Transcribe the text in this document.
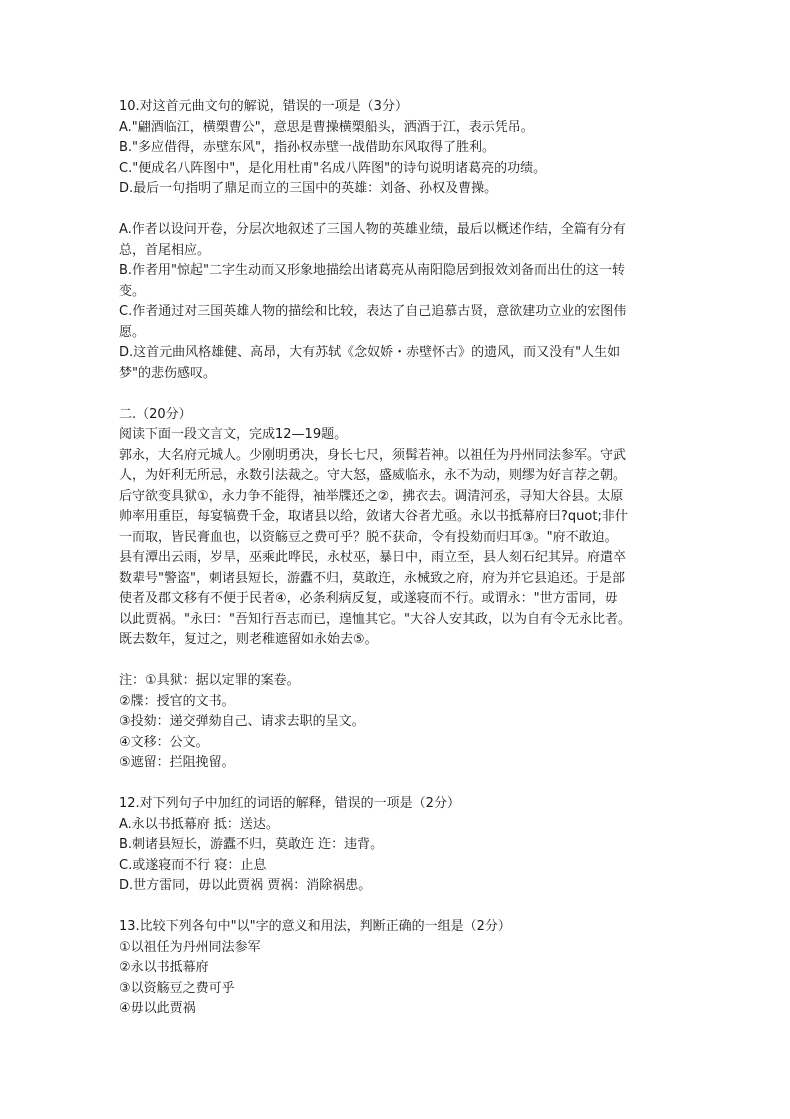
10.对这首元曲文句的解说，错误的一项是（3分）
A."翩酒临江，横槊曹公"，意思是曹操横槊船头，洒酒于江，表示凭吊。
B."多应借得，赤壁东风"，指孙权赤壁一战借助东风取得了胜利。
C."便成名八阵图中"，是化用杜甫"名成八阵图"的诗句说明诸葛亮的功绩。
D.最后一句指明了鼎足而立的三国中的英雄：刘备、孙权及曹操。
A.作者以设问开卷，分层次地叙述了三国人物的英雄业绩，最后以概述作结，全篇有分有
总，首尾相应。
B.作者用"惊起"二字生动而又形象地描绘出诸葛亮从南阳隐居到报效刘备而出仕的这一转
变。
C.作者通过对三国英雄人物的描绘和比较，表达了自己追慕古贤，意欲建功立业的宏图伟
愿。
D.这首元曲风格雄健、高昂，大有苏轼《念奴娇・赤壁怀古》的遗风，而又没有"人生如
梦"的悲伤感叹。
二.（20分）
阅读下面一段文言文，完成12—19题。
郭永，大名府元城人。少刚明勇决，身长七尺，须髯若神。以祖任为丹州同法参军。守武
人，为奸利无所忌，永数引法裁之。守大怒，盛威临永，永不为动，则缪为好言荐之朝。
后守欲变具狱①，永力争不能得，袖举牒还之②，拂衣去。调清河丞，寻知大谷县。太原
帅率用重臣，每宴犒费千金，取诸县以给，敛诸大谷者尤亟。永以书抵幕府曰?quot;非什
一而取，皆民膏血也，以资觞豆之费可乎？脱不获命，令有投劾而归耳③。"府不敢迫。
县有潭出云雨，岁旱，巫乘此哗民，永杖巫，暴日中，雨立至，县人刻石纪其异。府遣卒
数辈号"警盗"，刺诸县短长，游蠹不归，莫敢迕，永械致之府，府为并它县追还。于是部
使者及郡文移有不便于民者④，必条利病反复，或遂寝而不行。或谓永："世方雷同，毋
以此贾祸。"永曰："吾知行吾志而已，遑恤其它。"大谷人安其政，以为自有令无永比者。
既去数年，复过之，则老稚遮留如永始去⑤。
注：①具狱：据以定罪的案卷。
②牒：授官的文书。
③投劾：递交弹劾自己、请求去职的呈文。
④文移：公文。
⑤遮留：拦阻挽留。
12.对下列句子中加红的词语的解释，错误的一项是（2分）
A.永以书抵幕府 抵：送达。
B.刺诸县短长，游蠹不归，莫敢迕 迕：违背。
C.或遂寝而不行 寝：止息
D.世方雷同，毋以此贾祸 贾祸：消除祸患。
13.比较下列各句中"以"字的意义和用法，判断正确的一组是（2分）
①以祖任为丹州同法参军
②永以书抵幕府
③以资觞豆之费可乎
④毋以此贾祸
